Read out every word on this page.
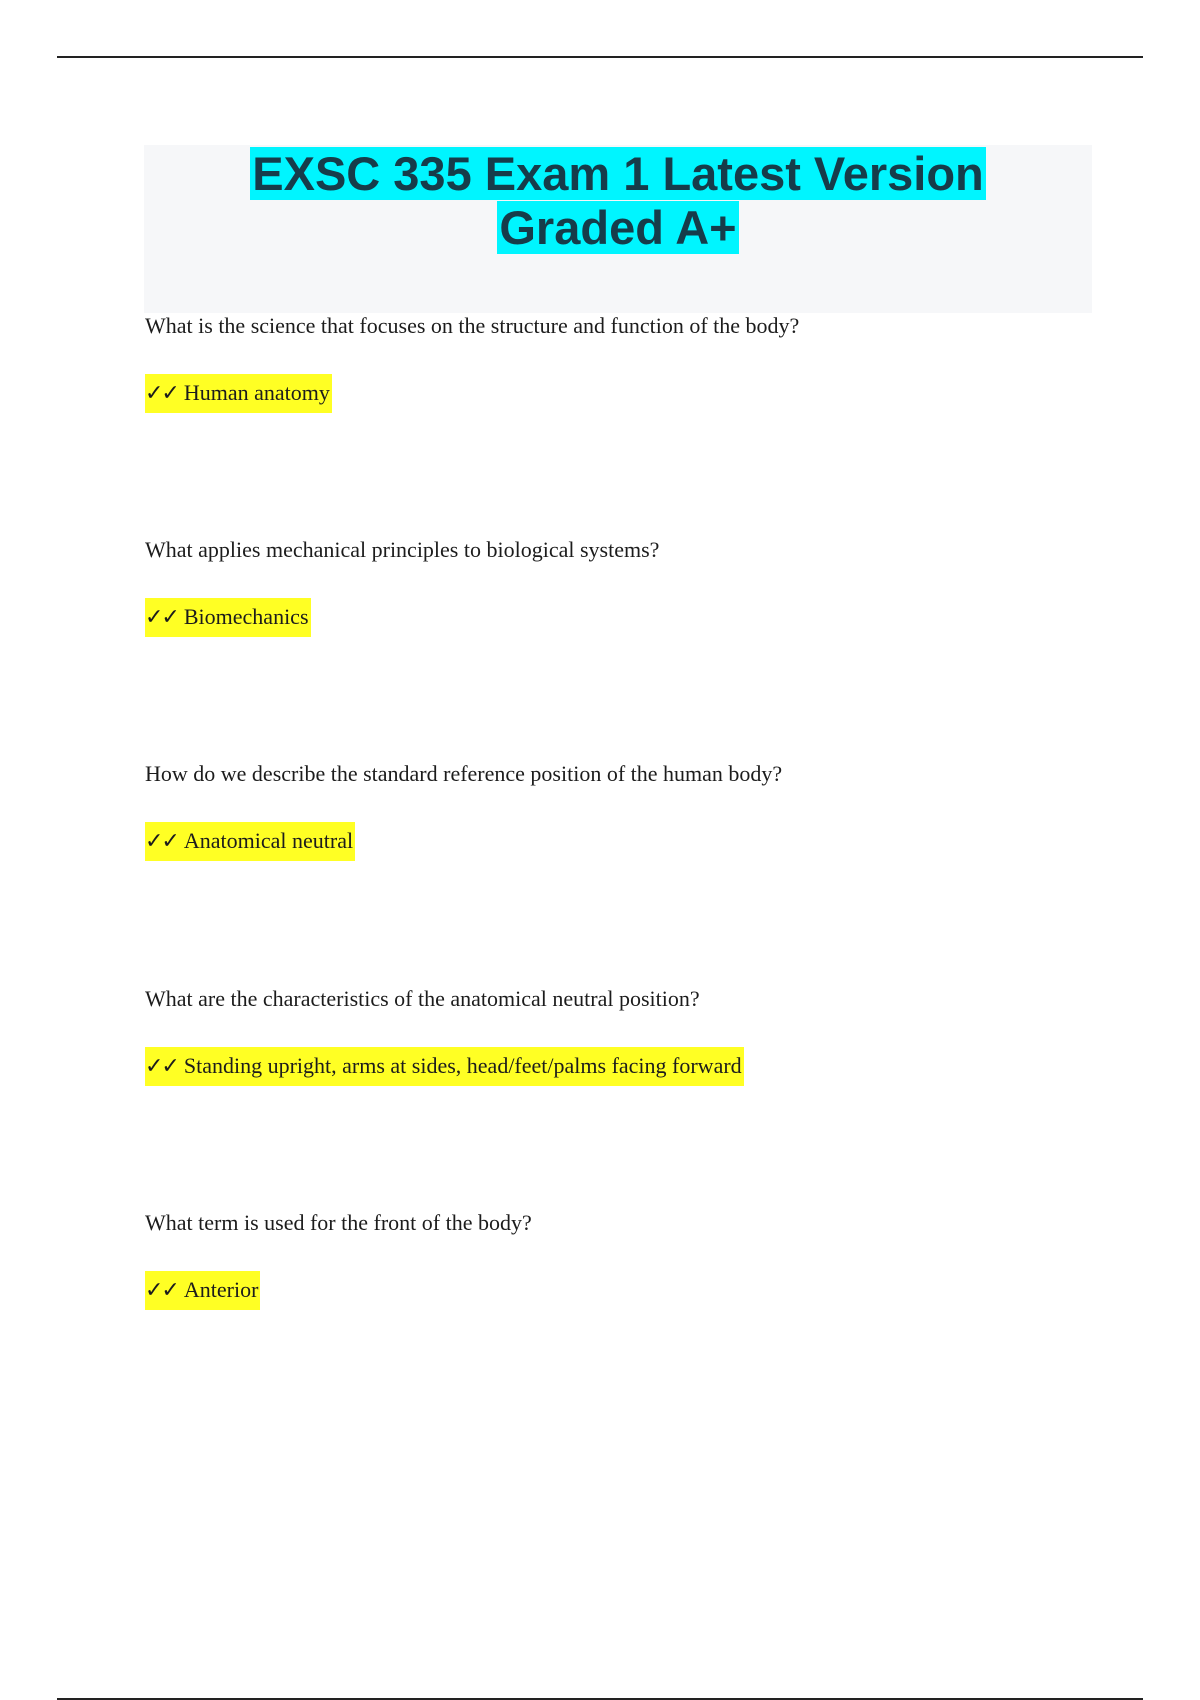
EXSC 335 Exam 1 Latest Version
Graded A+
What is the science that focuses on the structure and function of the body?
✓✓ Human anatomy
What applies mechanical principles to biological systems?
✓✓ Biomechanics
How do we describe the standard reference position of the human body?
✓✓ Anatomical neutral
What are the characteristics of the anatomical neutral position?
✓✓ Standing upright, arms at sides, head/feet/palms facing forward
What term is used for the front of the body?
✓✓ Anterior
